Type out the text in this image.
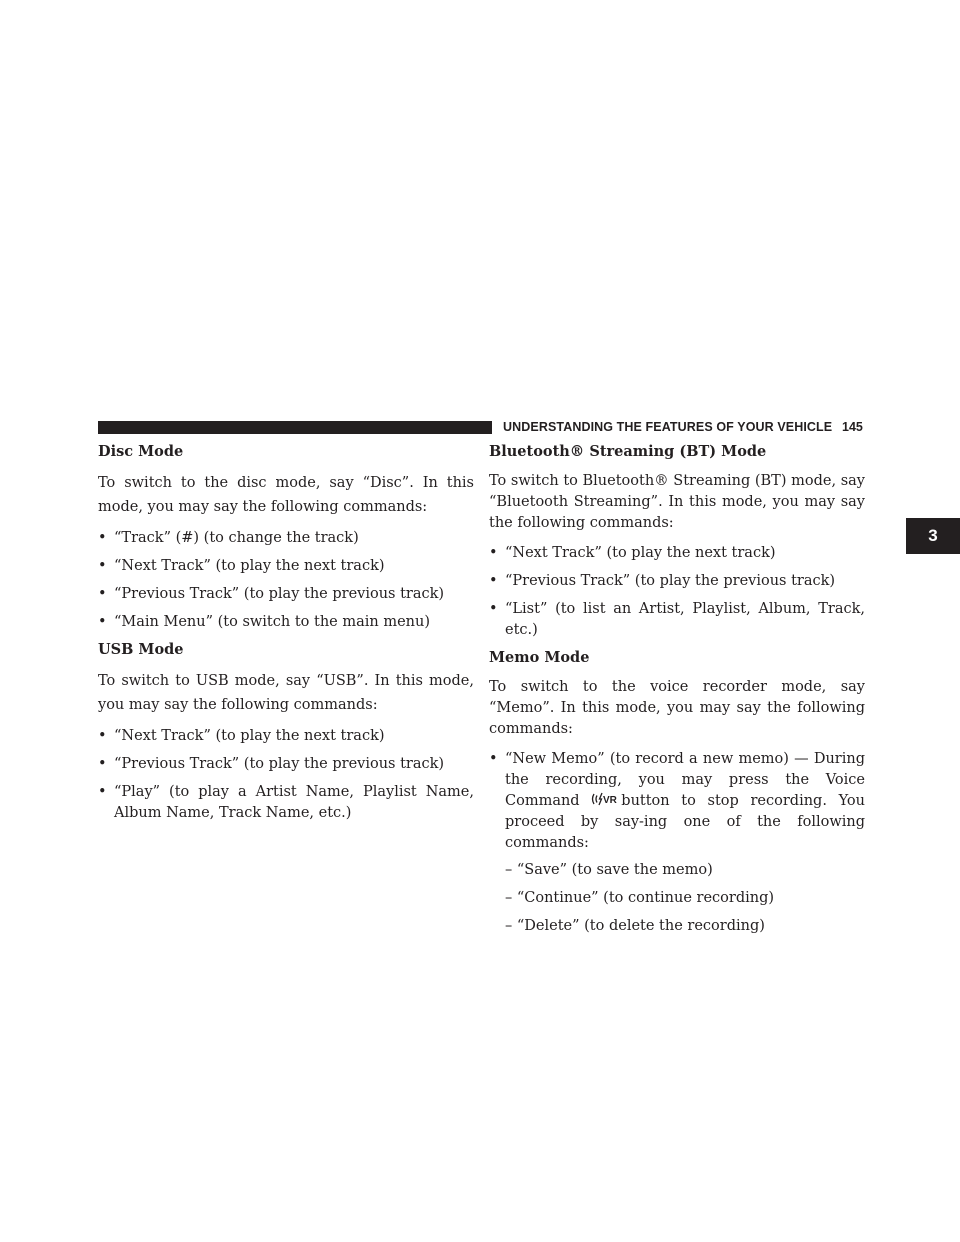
UNDERSTANDING THE FEATURES OF YOUR VEHICLE 145
3
Disc Mode

To switch to the disc mode, say “Disc”. In this mode, you may say the following commands:

• “Track” (#) (to change the track)
• “Next Track” (to play the next track)
• “Previous Track” (to play the previous track)
• “Main Menu” (to switch to the main menu)
USB Mode

To switch to USB mode, say “USB”. In this mode, you may say the following commands:

• “Next Track” (to play the next track)
• “Previous Track” (to play the previous track)
• “Play” (to play a Artist Name, Playlist Name, Album Name, Track Name, etc.)
Bluetooth® Streaming (BT) Mode

To switch to Bluetooth® Streaming (BT) mode, say “Bluetooth Streaming”. In this mode, you may say the following commands:

• “Next Track” (to play the next track)
• “Previous Track” (to play the previous track)
• “List” (to list an Artist, Playlist, Album, Track, etc.)
Memo Mode

To switch to the voice recorder mode, say “Memo”. In this mode, you may say the following commands:

• “New Memo” (to record a new memo) — During the recording, you may press the Voice Command VR button to stop recording. You proceed by say-ing one of the following commands:
– “Save” (to save the memo)
– “Continue” (to continue recording)
– “Delete” (to delete the recording)
